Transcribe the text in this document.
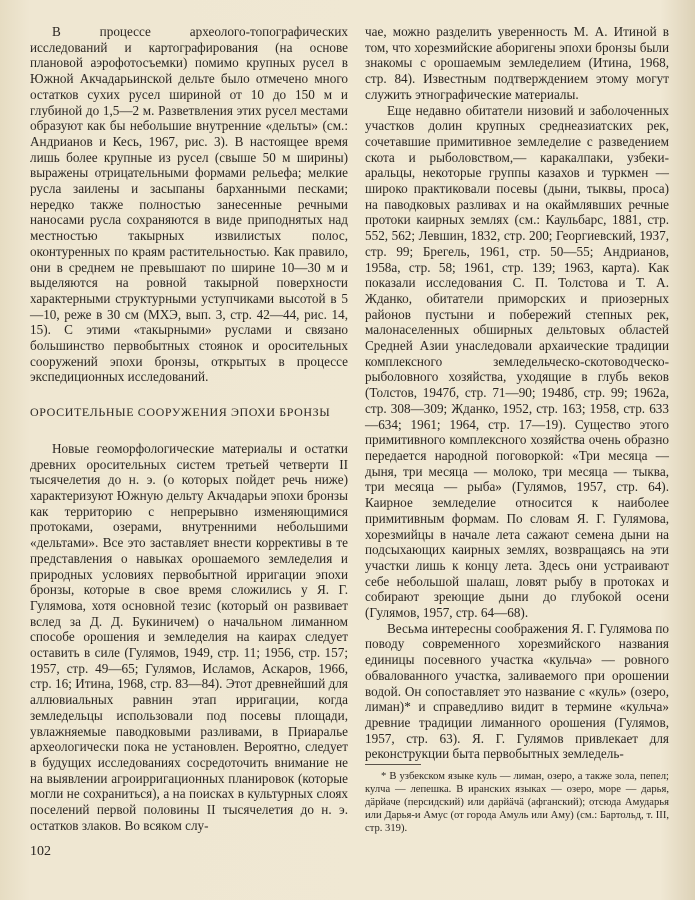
В процессе археолого-топографических исследований и картографирования (на основе плановой аэрофотосъемки) помимо крупных русел в Южной Акчадарьинской дельте было отмечено много остатков сухих русел шириной от 10 до 150 м и глубиной до 1,5—2 м. Разветвления этих русел местами образуют как бы небольшие внутренние «дельты» (см.: Андрианов и Кесь, 1967, рис. 3). В настоящее время лишь более крупные из русел (свыше 50 м ширины) выражены отрицательными формами рельефа; мелкие русла заилены и засыпаны барханными песками; нередко также полностью занесенные речными наносами русла сохраняются в виде приподнятых над местностью такырных извилистых полос, оконтуренных по краям растительностью. Как правило, они в среднем не превышают по ширине 10—30 м и выделяются на ровной такырной поверхности характерными структурными уступчиками высотой в 5—10, реже в 30 см (МХЭ, вып. 3, стр. 42—44, рис. 14, 15). С этими «такырными» руслами и связано большинство первобытных стоянок и оросительных сооружений эпохи бронзы, открытых в процессе экспедиционных исследований.

ОРОСИТЕЛЬНЫЕ СООРУЖЕНИЯ ЭПОХИ БРОНЗЫ

Новые геоморфологические материалы и остатки древних оросительных систем третьей четверти II тысячелетия до н. э. (о которых пойдет речь ниже) характеризуют Южную дельту Акчадарьи эпохи бронзы как территорию с непрерывно изменяющимися протоками, озерами, внутренними небольшими «дельтами». Все это заставляет внести коррективы в те представления о навыках орошаемого земледелия и природных условиях первобытной ирригации эпохи бронзы, которые в свое время сложились у Я. Г. Гулямова, хотя основной тезис (который он развивает вслед за Д. Д. Букиничем) о начальном лиманном способе орошения и земледелия на каирах следует оставить в силе (Гулямов, 1949, стр. 11; 1956, стр. 157; 1957, стр. 49—65; Гулямов, Исламов, Аскаров, 1966, стр. 16; Итина, 1968, стр. 83—84). Этот древнейший для аллювиальных равнин этап ирригации, когда земледельцы использовали под посевы площади, увлажняемые паводковыми разливами, в Приаралье археологически пока не установлен. Вероятно, следует в будущих исследованиях сосредоточить внимание не на выявлении агроирригационных планировок (которые могли не сохраниться), а на поисках в культурных слоях поселений первой половины II тысячелетия до н. э. остатков злаков. Во всяком слу-

чае, можно разделить уверенность М. А. Итиной в том, что хорезмийские аборигены эпохи бронзы были знакомы с орошаемым земледелием (Итина, 1968, стр. 84). Известным подтверждением этому могут служить этнографические материалы.

Еще недавно обитатели низовий и заболоченных участков долин крупных среднеазиатских рек, сочетавшие примитивное земледелие с разведением скота и рыболовством,— каракалпаки, узбеки-аральцы, некоторые группы казахов и туркмен — широко практиковали посевы (дыни, тыквы, проса) на паводковых разливах и на окаймлявших речные протоки каирных землях (см.: Каульбарс, 1881, стр. 552, 562; Левшин, 1832, стр. 200; Георгиевский, 1937, стр. 99; Брегель, 1961, стр. 50—55; Андрианов, 1958а, стр. 58; 1961, стр. 139; 1963, карта). Как показали исследования С. П. Толстова и Т. А. Жданко, обитатели приморских и приозерных районов пустыни и побережий степных рек, малонаселенных обширных дельтовых областей Средней Азии унаследовали архаические традиции комплексного земледельческо-скотоводческо-рыболовного хозяйства, уходящие в глубь веков (Толстов, 1947б, стр. 71—90; 1948б, стр. 99; 1962а, стр. 308—309; Жданко, 1952, стр. 163; 1958, стр. 633—634; 1961; 1964, стр. 17—19). Существо этого примитивного комплексного хозяйства очень образно передается народной поговоркой: «Три месяца — дыня, три месяца — молоко, три месяца — тыква, три месяца — рыба» (Гулямов, 1957, стр. 64). Каирное земледелие относится к наиболее примитивным формам. По словам Я. Г. Гулямова, хорезмийцы в начале лета сажают семена дыни на подсыхающих каирных землях, возвращаясь на эти участки лишь к концу лета. Здесь они устраивают себе небольшой шалаш, ловят рыбу в протоках и собирают зреющие дыни до глубокой осени (Гулямов, 1957, стр. 64—68).

Весьма интересны соображения Я. Г. Гулямова по поводу современного хорезмийского названия единицы посевного участка «кульча» — ровного обвалованного участка, заливаемого при орошении водой. Он сопоставляет это название с «куль» (озеро, лиман)* и справедливо видит в термине «кульча» древние традиции лиманного орошения (Гулямов, 1957, стр. 63). Я. Г. Гулямов привлекает для реконструкции быта первобытных земледель-

* В узбекском языке куль — лиман, озеро, а также зола, пепел; кулча — лепешка. В иранских языках — озеро, море — дарья, дäрйаче (персидский) или дарйäчä (афганский); отсюда Амударья или Дарья-и Амус (от города Амуль или Аму) (см.: Бартольд, т. III, стр. 319).
102
